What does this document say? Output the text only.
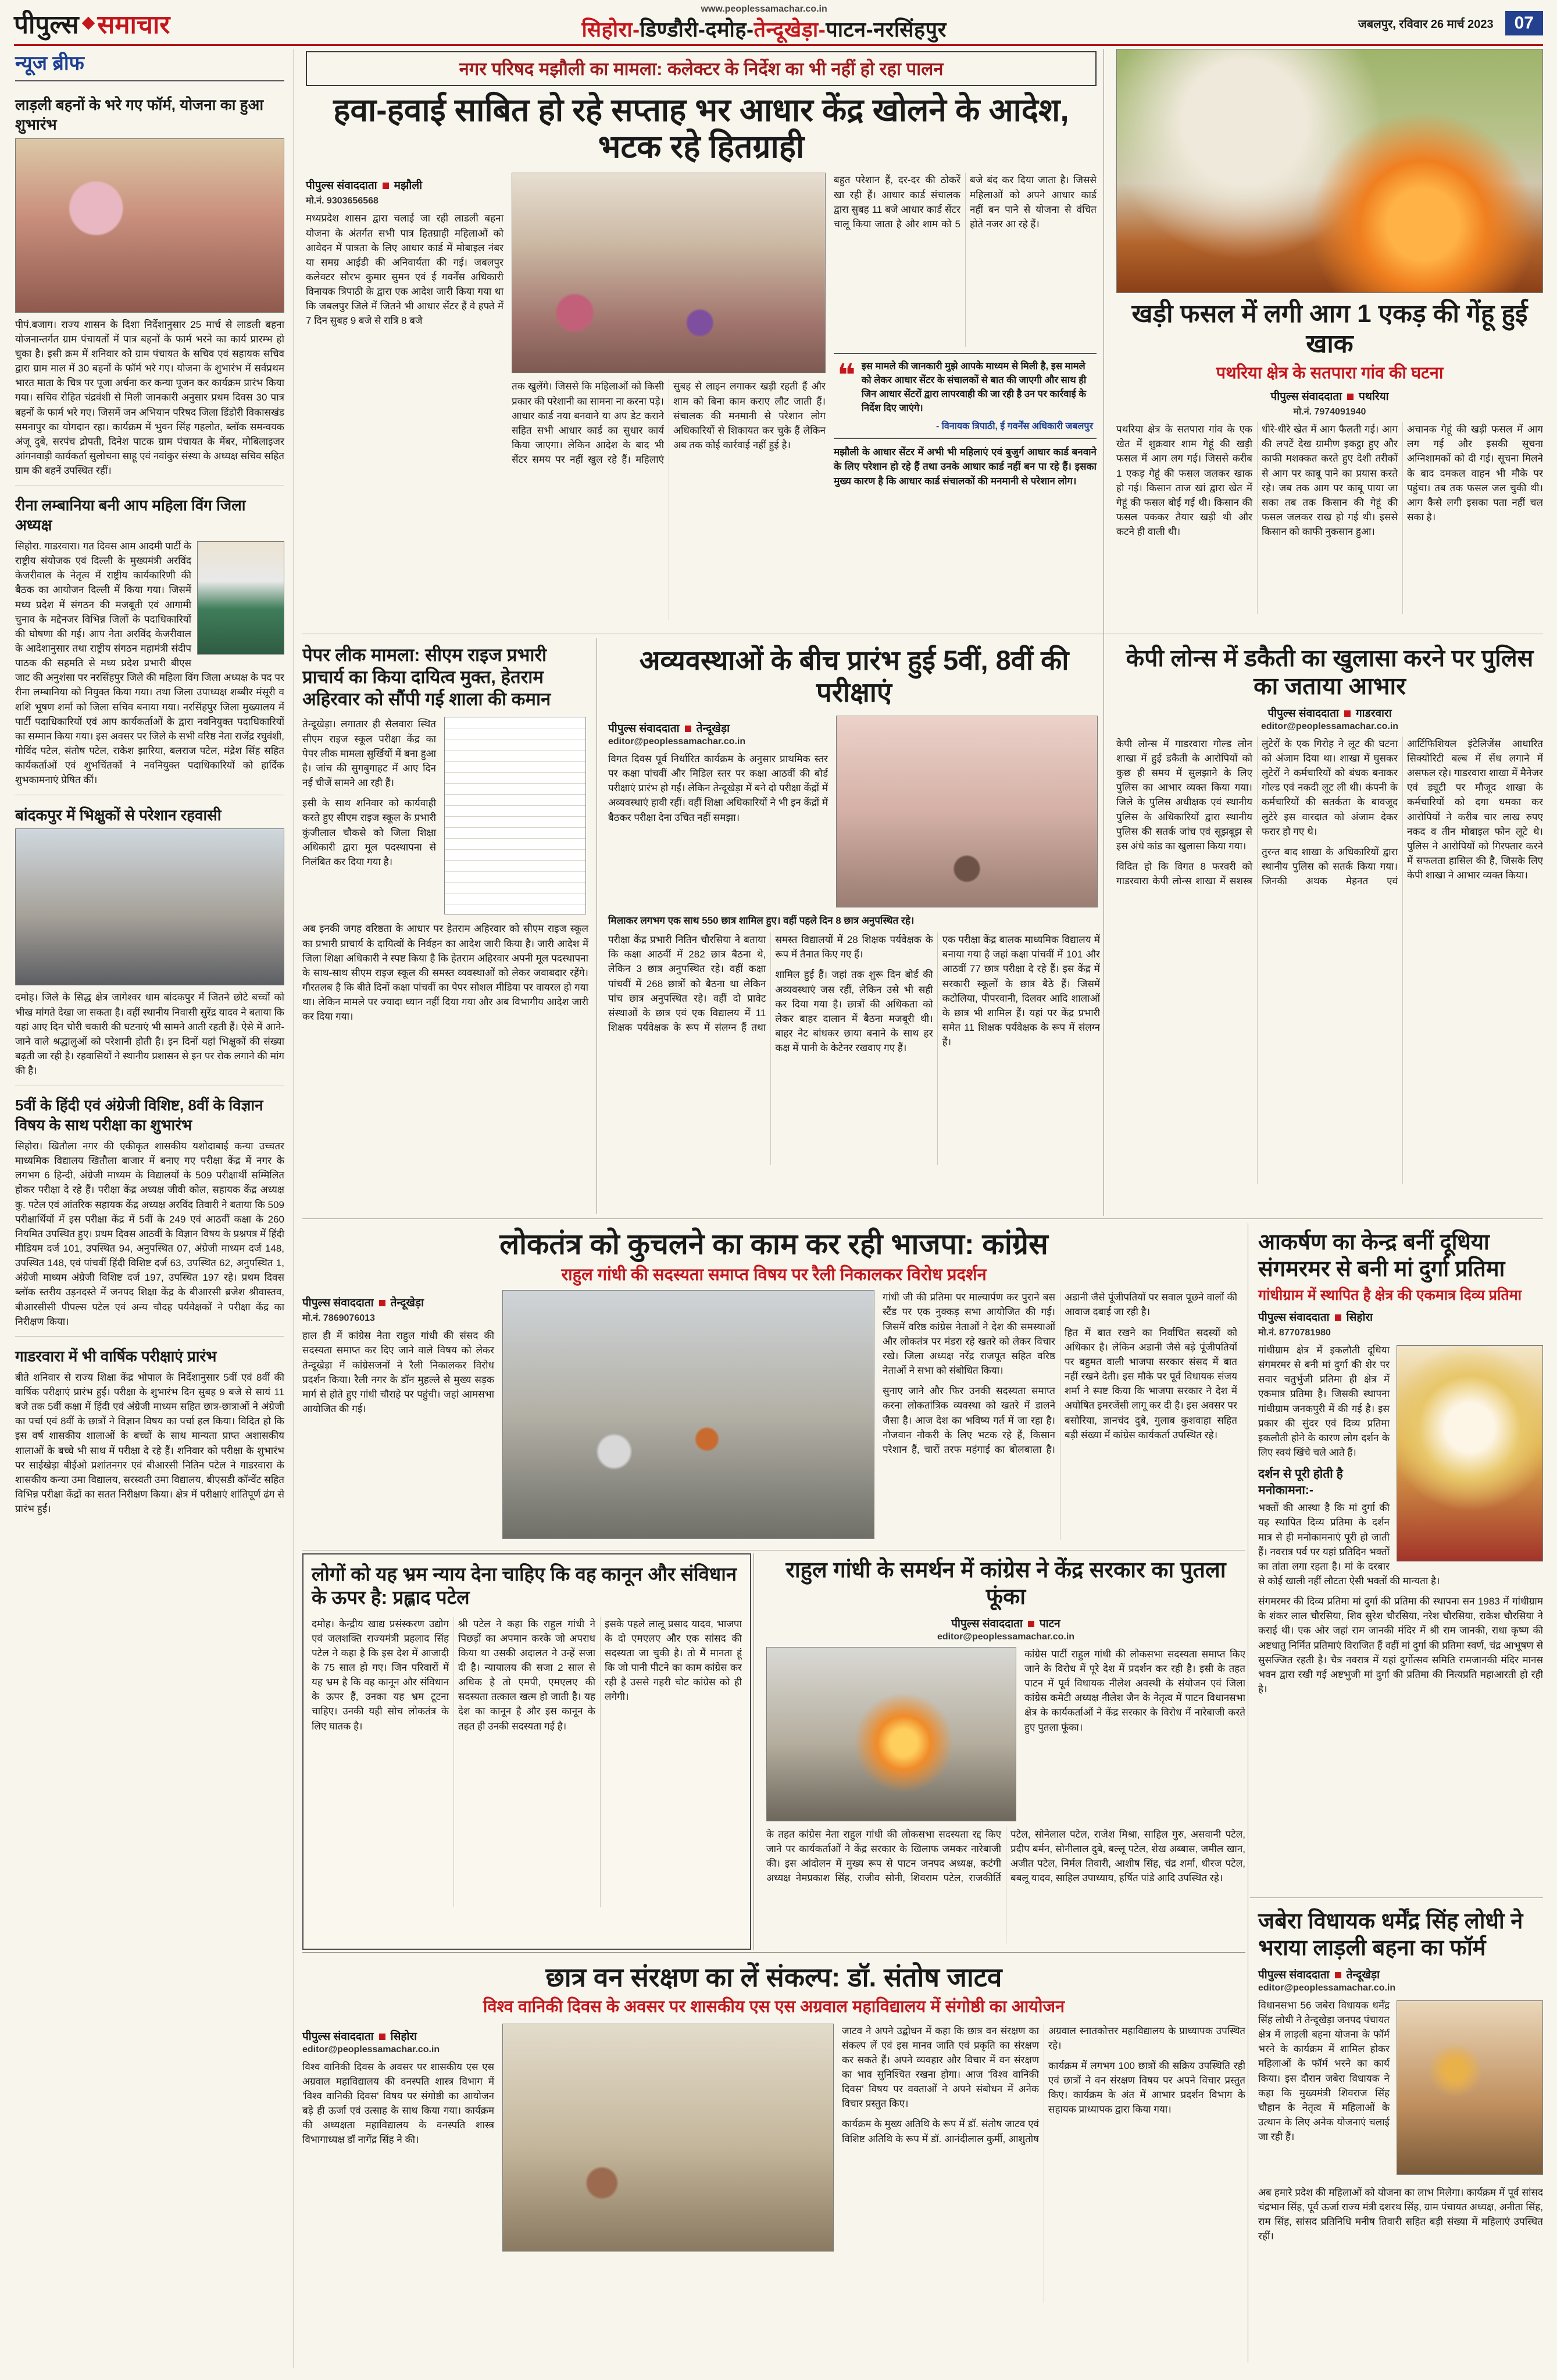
पीपुल्स समाचार
www.peoplessamachar.co.in
सिहोरा-डिण्डौरी-दमोह-तेन्दूखेड़ा-पाटन-नरसिंहपुर	जबलपुर, रविवार 26 मार्च 2023	07
न्यूज ब्रीफ
लाड़ली बहनों के भरे गए फॉर्म, योजना का हुआ शुभारंभ

पीपं.बजाग। राज्य शासन के दिशा निर्देशानुसार 25 मार्च से लाडली बहना योजनान्तर्गत ग्राम पंचायतों में पात्र बहनों के फार्म भरने का कार्य प्रारम्भ हो चुका है। इसी क्रम में शनिवार को ग्राम पंचायत के सचिव एवं सहायक सचिव द्वारा ग्राम माल में 30 बहनों के फॉर्म भरे गए। योजना के शुभारंभ में सर्वप्रथम भारत माता के चित्र पर पूजा अर्चना कर कन्या पूजन कर कार्यक्रम प्रारंभ किया गया। सचिव रोहित चंद्रवंशी से मिली जानकारी अनुसार प्रथम दिवस 30 पात्र बहनों के फार्म भरे गए। जिसमें जन अभियान परिषद जिला डिंडोरी विकासखंड समनापुर का योगदान रहा। कार्यक्रम में भुवन सिंह गहलोत, ब्लॉक समन्वयक अंजू दुबे, सरपंच द्रोपती, दिनेश पाटक ग्राम पंचायत के मेंबर, मोबिलाइजर आंगनवाड़ी कार्यकर्ता सुलोचना साहू एवं नवांकुर संस्था के अध्यक्ष सचिव सहित ग्राम की बहनें उपस्थित रहीं।

रीना लम्बानिया बनी आप महिला विंग जिला अध्यक्ष

सिहोरा. गाडरवारा। गत दिवस आम आदमी पार्टी के राष्ट्रीय संयोजक एवं दिल्ली के मुख्यमंत्री अरविंद केजरीवाल के नेतृत्व में राष्ट्रीय कार्यकारिणी की बैठक का आयोजन दिल्ली में किया गया। जिसमें मध्य प्रदेश में संगठन की मजबूती एवं आगामी चुनाव के मद्देनजर विभिन्न जिलों के पदाधिकारियों की घोषणा की गई। आप नेता अरविंद केजरीवाल के आदेशानुसार तथा राष्ट्रीय संगठन महामंत्री संदीप पाठक की सहमति से मध्य प्रदेश प्रभारी बीएस जाट की अनुशंसा पर नरसिंहपुर जिले की महिला विंग जिला अध्यक्ष के पद पर रीना लम्बानिया को नियुक्त किया गया। तथा जिला उपाध्यक्ष शब्बीर मंसूरी व शशि भूषण शर्मा को जिला सचिव बनाया गया। नरसिंहपुर जिला मुख्यालय में पार्टी पदाधिकारियों एवं आप कार्यकर्ताओं के द्वारा नवनियुक्त पदाधिकारियों का सम्मान किया गया। इस अवसर पर जिले के सभी वरिष्ठ नेता राजेंद्र रघुवंशी, गोविंद पटेल, संतोष पटेल, राकेश झारिया, बलराज पटेल, मंद्रेश सिंह सहित कार्यकर्ताओं एवं शुभचिंतकों ने नवनियुक्त पदाधिकारियों को हार्दिक शुभकामनाएं प्रेषित कीं।

बांदकपुर में भिक्षुकों से परेशान रहवासी

दमोह। जिले के सिद्ध क्षेत्र जागेश्वर धाम बांदकपुर में जितने छोटे बच्चों को भीख मांगते देखा जा सकता है। वहीं स्थानीय निवासी सुरेंद्र यादव ने बताया कि यहां आए दिन चोरी चकारी की घटनाएं भी सामने आती रहती हैं। ऐसे में आने-जाने वाले श्रद्धालुओं को परेशानी होती है। इन दिनों यहां भिक्षुकों की संख्या बढ़ती जा रही है। रहवासियों ने स्थानीय प्रशासन से इन पर रोक लगाने की मांग की है।

5वीं के हिंदी एवं अंग्रेजी विशिष्ट, 8वीं के विज्ञान विषय के साथ परीक्षा का शुभारंभ

सिहोरा। खितौला नगर की एकीकृत शासकीय यशोदाबाई कन्या उच्चतर माध्यमिक विद्यालय खितौला बाजार में बनाए गए परीक्षा केंद्र में नगर के लगभग 6 हिन्दी, अंग्रेजी माध्यम के विद्यालयों के 509 परीक्षार्थी सम्मिलित होकर परीक्षा दे रहे हैं। परीक्षा केंद्र अध्यक्ष जीवी कोल, सहायक केंद्र अध्यक्ष कु. पटेल एवं आंतरिक सहायक केंद्र अध्यक्ष अरविंद तिवारी ने बताया कि 509 परीक्षार्थियों में इस परीक्षा केंद्र में 5वीं के 249 एवं आठवीं कक्षा के 260 नियमित उपस्थित हुए। प्रथम दिवस आठवीं के विज्ञान विषय के प्रश्नपत्र में हिंदी मीडियम दर्ज 101, उपस्थित 94, अनुपस्थित 07, अंग्रेजी माध्यम दर्ज 148, उपस्थित 148, एवं पांचवीं हिंदी विशिष्ट दर्ज 63, उपस्थित 62, अनुपस्थित 1, अंग्रेजी माध्यम अंग्रेजी विशिष्ट दर्ज 197, उपस्थित 197 रहे। प्रथम दिवस ब्लॉक स्तरीय उड़नदस्ते में जनपद शिक्षा केंद्र के बीआरसी ब्रजेश श्रीवास्तव, बीआरसीसी पीपल्स पटेल एवं अन्य चौदह पर्यवेक्षकों ने परीक्षा केंद्र का निरीक्षण किया।

गाडरवारा में भी वार्षिक परीक्षाएं प्रारंभ

बीते शनिवार से राज्य शिक्षा केंद्र भोपाल के निर्देशानुसार 5वीं एवं 8वीं की वार्षिक परीक्षाएं प्रारंभ हुईं। परीक्षा के शुभारंभ दिन सुबह 9 बजे से सायं 11 बजे तक 5वीं कक्षा में हिंदी एवं अंग्रेजी माध्यम सहित छात्र-छात्राओं ने अंग्रेजी का पर्चा एवं 8वीं के छात्रों ने विज्ञान विषय का पर्चा हल किया। विदित हो कि इस वर्ष शासकीय शालाओं के बच्चों के साथ मान्यता प्राप्त अशासकीय शालाओं के बच्चे भी साथ में परीक्षा दे रहे हैं। शनिवार को परीक्षा के शुभारंभ पर साईखेड़ा बीईओ प्रशांतनगर एवं बीआरसी नितिन पटेल ने गाडरवारा के शासकीय कन्या उमा विद्यालय, सरस्वती उमा विद्यालय, बीएसडी कॉन्वेंट सहित विभिन्न परीक्षा केंद्रों का सतत निरीक्षण किया। क्षेत्र में परीक्षाएं शांतिपूर्ण ढंग से प्रारंभ हुईं।

नगर परिषद मझौली का मामला: कलेक्टर के निर्देश का भी नहीं हो रहा पालन
हवा-हवाई साबित हो रहे सप्ताह भर आधार केंद्र खोलने के आदेश, भटक रहे हितग्राही
पीपुल्स संवाददाता मझौली
मो.नं. 9303656568

मध्यप्रदेश शासन द्वारा चलाई जा रही लाडली बहना योजना के अंतर्गत सभी पात्र हितग्राही महिलाओं को आवेदन में पात्रता के लिए आधार कार्ड में मोबाइल नंबर या समग्र आईडी की अनिवार्यता की गई। जबलपुर कलेक्टर सौरभ कुमार सुमन एवं ई गवर्नेंस अधिकारी विनायक त्रिपाठी के द्वारा एक आदेश जारी किया गया था कि जबलपुर जिले में जितने भी आधार सेंटर हैं वे हफ्ते में 7 दिन सुबह 9 बजे से रात्रि 8 बजे

तक खुलेंगे। जिससे कि महिलाओं को किसी प्रकार की परेशानी का सामना ना करना पड़े। आधार कार्ड नया बनवाने या अप डेट कराने सहित सभी आधार कार्ड का सुधार कार्य किया जाएगा। लेकिन आदेश के बाद भी सेंटर समय पर नहीं खुल रहे हैं। महिलाएं सुबह से लाइन लगाकर खड़ी रहती हैं और शाम को बिना काम कराए लौट जाती हैं। संचालक की मनमानी से परेशान लोग अधिकारियों से शिकायत कर चुके हैं लेकिन अब तक कोई कार्रवाई नहीं हुई है।

बहुत परेशान हैं, दर-दर की ठोकरें खा रही हैं। आधार कार्ड संचालक द्वारा सुबह 11 बजे आधार कार्ड सेंटर चालू किया जाता है और शाम को 5 बजे बंद कर दिया जाता है। जिससे महिलाओं को अपने आधार कार्ड नहीं बन पाने से योजना से वंचित होते नजर आ रहे हैं।

❝ इस मामले की जानकारी मुझे आपके माध्यम से मिली है, इस मामले को लेकर आधार सेंटर के संचालकों से बात की जाएगी और साथ ही जिन आधार सेंटरों द्वारा लापरवाही की जा रही है उन पर कार्रवाई के निर्देश दिए जाएंगे।
- विनायक त्रिपाठी, ई गवर्नेंस अधिकारी जबलपुर

मझौली के आधार सेंटर में अभी भी महिलाएं एवं बुजुर्ग आधार कार्ड बनवाने के लिए परेशान हो रहे हैं तथा उनके आधार कार्ड नहीं बन पा रहे हैं। इसका मुख्य कारण है कि आधार कार्ड संचालकों की मनमानी से परेशान लोग।

खड़ी फसल में लगी आग 1 एकड़ की गेंहू हुई खाक
पथरिया क्षेत्र के सतपारा गांव की घटना
पीपुल्स संवाददाता पथरिया
मो.नं. 7974091940

पथरिया क्षेत्र के सतपारा गांव के एक खेत में शुक्रवार शाम गेहूं की खड़ी फसल में आग लग गई। जिससे करीब 1 एकड़ गेहूं की फसल जलकर खाक हो गई। किसान ताज खां द्वारा खेत में गेहूं की फसल बोई गई थी। किसान की फसल पककर तैयार खड़ी थी और कटने ही वाली थी।

धीरे-धीरे खेत में आग फैलती गई। आग की लपटें देख ग्रामीण इकट्ठा हुए और काफी मशक्कत करते हुए देशी तरीकों से आग पर काबू पाने का प्रयास करते रहे। जब तक आग पर काबू पाया जा सका तब तक किसान की गेहूं की फसल जलकर राख हो गई थी। इससे किसान को काफी नुकसान हुआ।

अचानक गेहूं की खड़ी फसल में आग लग गई और इसकी सूचना अग्निशामकों को दी गई। सूचना मिलने के बाद दमकल वाहन भी मौके पर पहुंचा। तब तक फसल जल चुकी थी। आग कैसे लगी इसका पता नहीं चल सका है।

पेपर लीक मामला: सीएम राइज प्रभारी प्राचार्य का किया दायित्व मुक्त, हेतराम अहिरवार को सौंपी गई शाला की कमान

तेन्दूखेड़ा। लगातार ही सैलवारा स्थित सीएम राइज स्कूल परीक्षा केंद्र का पेपर लीक मामला सुर्खियों में बना हुआ है। जांच की सुगबुगाहट में आए दिन नई चीजें सामने आ रही हैं।

इसी के साथ शनिवार को कार्यवाही करते हुए सीएम राइज स्कूल के प्रभारी कुंजीलाल चौकसे को जिला शिक्षा अधिकारी द्वारा मूल पदस्थापना से निलंबित कर दिया गया है।

अब इनकी जगह वरिष्ठता के आधार पर हेतराम अहिरवार को सीएम राइज स्कूल का प्रभारी प्राचार्य के दायित्वों के निर्वहन का आदेश जारी किया है। जारी आदेश में जिला शिक्षा अधिकारी ने स्पष्ट किया है कि हेतराम अहिरवार अपनी मूल पदस्थापना के साथ-साथ सीएम राइज स्कूल की समस्त व्यवस्थाओं को लेकर जवाबदार रहेंगे। गौरतलब है कि बीते दिनों कक्षा पांचवीं का पेपर सोशल मीडिया पर वायरल हो गया था। लेकिन मामले पर ज्यादा ध्यान नहीं दिया गया और अब विभागीय आदेश जारी कर दिया गया।

अव्यवस्थाओं के बीच प्रारंभ हुई 5वीं, 8वीं की परीक्षाएं
पीपुल्स संवाददाता तेन्दूखेड़ा
editor@peoplessamachar.co.in

विगत दिवस पूर्व निर्धारित कार्यक्रम के अनुसार प्राथमिक स्तर पर कक्षा पांचवीं और मिडिल स्तर पर कक्षा आठवीं की बोर्ड परीक्षाएं प्रारंभ हो गईं। लेकिन तेन्दूखेड़ा में बने दो परीक्षा केंद्रों में अव्यवस्थाएं हावी रहीं। वहीं शिक्षा अधिकारियों ने भी इन केंद्रों में बैठकर परीक्षा देना उचित नहीं समझा।

मिलाकर लगभग एक साथ 550 छात्र शामिल हुए। वहीं पहले दिन 8 छात्र अनुपस्थित रहे।

परीक्षा केंद्र प्रभारी नितिन चौरसिया ने बताया कि कक्षा आठवीं में 282 छात्र बैठना थे, लेकिन 3 छात्र अनुपस्थित रहे। वहीं कक्षा पांचवीं में 268 छात्रों को बैठना था लेकिन पांच छात्र अनुपस्थित रहे। वहीं दो प्रावेट संस्थाओं के छात्र एवं एक विद्यालय में 11 शिक्षक पर्यवेक्षक के रूप में संलग्न हैं तथा समस्त विद्यालयों में 28 शिक्षक पर्यवेक्षक के रूप में तैनात किए गए हैं।

शामिल हुई हैं। जहां तक शुरू दिन बोर्ड की अव्यवस्थाएं जस रहीं, लेकिन उसे भी सही कर दिया गया है। छात्रों की अधिकता को लेकर बाहर दालान में बैठना मजबूरी थी। बाहर नेट बांधकर छाया बनाने के साथ हर कक्ष में पानी के केटेनर रखवाए गए हैं।

एक परीक्षा केंद्र बालक माध्यमिक विद्यालय में बनाया गया है जहां कक्षा पांचवीं में 101 और आठवीं 77 छात्र परीक्षा दे रहे हैं। इस केंद्र में सरकारी स्कूलों के छात्र बैठे हैं। जिसमें कटोलिया, पीपरवानी, दिलवर आदि शालाओं के छात्र भी शामिल हैं। यहां पर केंद्र प्रभारी समेत 11 शिक्षक पर्यवेक्षक के रूप में संलग्न हैं।

केपी लोन्स में डकैती का खुलासा करने पर पुलिस का जताया आभार
पीपुल्स संवाददाता गाडरवारा
editor@peoplessamachar.co.in

केपी लोन्स में गाडरवारा गोल्ड लोन शाखा में हुई डकैती के आरोपियों को कुछ ही समय में सुलझाने के लिए पुलिस का आभार व्यक्त किया गया। जिले के पुलिस अधीक्षक एवं स्थानीय पुलिस के अधिकारियों द्वारा स्थानीय पुलिस की सतर्क जांच एवं सूझबूझ से इस अंधे कांड का खुलासा किया गया।

विदित हो कि विगत 8 फरवरी को गाडरवारा केपी लोन्स शाखा में सशस्त्र लुटेरों के एक गिरोह ने लूट की घटना को अंजाम दिया था। शाखा में घुसकर लुटेरों ने कर्मचारियों को बंधक बनाकर गोल्ड एवं नकदी लूट ली थी। कंपनी के कर्मचारियों की सतर्कता के बावजूद लुटेरे इस वारदात को अंजाम देकर फरार हो गए थे।

तुरन्त बाद शाखा के अधिकारियों द्वारा स्थानीय पुलिस को सतर्क किया गया। जिनकी अथक मेहनत एवं आर्टिफिशियल इंटेलिजेंस आधारित सिक्योरिटी बल्ब में सेंध लगाने में असफल रहे। गाडरवारा शाखा में मैनेजर एवं ड्यूटी पर मौजूद शाखा के कर्मचारियों को दगा धमका कर आरोपियों ने करीब चार लाख रुपए नकद व तीन मोबाइल फोन लूटे थे। पुलिस ने आरोपियों को गिरफ्तार करने में सफलता हासिल की है, जिसके लिए केपी शाखा ने आभार व्यक्त किया।

लोकतंत्र को कुचलने का काम कर रही भाजपा: कांग्रेस
राहुल गांधी की सदस्यता समाप्त विषय पर रैली निकालकर विरोध प्रदर्शन
पीपुल्स संवाददाता तेन्दूखेड़ा
मो.नं. 7869076013

हाल ही में कांग्रेस नेता राहुल गांधी की संसद की सदस्यता समाप्त कर दिए जाने वाले विषय को लेकर तेन्दूखेड़ा में कांग्रेसजनों ने रैली निकालकर विरोध प्रदर्शन किया। रैली नगर के डॉन मुहल्ले से मुख्य सड़क मार्ग से होते हुए गांधी चौराहे पर पहुंची। जहां आमसभा आयोजित की गई।

गांधी जी की प्रतिमा पर माल्यार्पण कर पुराने बस स्टैंड पर एक नुक्कड़ सभा आयोजित की गई। जिसमें वरिष्ठ कांग्रेस नेताओं ने देश की समस्याओं और लोकतंत्र पर मंडरा रहे खतरे को लेकर विचार रखे। जिला अध्यक्ष नरेंद्र राजपूत सहित वरिष्ठ नेताओं ने सभा को संबोधित किया।

सुनाए जाने और फिर उनकी सदस्यता समाप्त करना लोकतांत्रिक व्यवस्था को खतरे में डालने जैसा है। आज देश का भविष्य गर्त में जा रहा है। नौजवान नौकरी के लिए भटक रहे हैं, किसान परेशान हैं, चारों तरफ महंगाई का बोलबाला है। अडानी जैसे पूंजीपतियों पर सवाल पूछने वालों की आवाज दबाई जा रही है।

हित में बात रखने का निर्वाचित सदस्यों को अधिकार है। लेकिन अडानी जैसे बड़े पूंजीपतियों पर बहुमत वाली भाजपा सरकार संसद में बात नहीं रखने देती। इस मौके पर पूर्व विधायक संजय शर्मा ने स्पष्ट किया कि भाजपा सरकार ने देश में अघोषित इमरजेंसी लागू कर दी है। इस अवसर पर बसोरिया, ज्ञानचंद दुबे, गुलाब कुशवाहा सहित बड़ी संख्या में कांग्रेस कार्यकर्ता उपस्थित रहे।

आकर्षण का केन्द्र बनीं दूधिया संगमरमर से बनी मां दुर्गा प्रतिमा
गांधीग्राम में स्थापित है क्षेत्र की एकमात्र दिव्य प्रतिमा
पीपुल्स संवाददाता सिहोरा
मो.नं. 8770781980

गांधीग्राम क्षेत्र में इकलौती दूधिया संगमरमर से बनी मां दुर्गा की शेर पर सवार चतुर्भुजी प्रतिमा ही क्षेत्र में एकमात्र प्रतिमा है। जिसकी स्थापना गांधीग्राम जनकपुरी में की गई है। इस प्रकार की सुंदर एवं दिव्य प्रतिमा इकलौती होने के कारण लोग दर्शन के लिए स्वयं खिंचे चले आते हैं।

दर्शन से पूरी होती है मनोकामना:-

भक्तों की आस्था है कि मां दुर्गा की यह स्थापित दिव्य प्रतिमा के दर्शन मात्र से ही मनोकामनाएं पूरी हो जाती हैं। नवरात्र पर्व पर यहां प्रतिदिन भक्तों का तांता लगा रहता है। मां के दरबार से कोई खाली नहीं लौटता ऐसी भक्तों की मान्यता है।

संगमरमर की दिव्य प्रतिमा मां दुर्गा की प्रतिमा की स्थापना सन 1983 में गांधीग्राम के शंकर लाल चौरसिया, शिव सुरेश चौरसिया, नरेश चौरसिया, राकेश चौरसिया ने कराई थी। एक ओर जहां राम जानकी मंदिर में श्री राम जानकी, राधा कृष्ण की अष्टधातु निर्मित प्रतिमाएं विराजित हैं वहीं मां दुर्गा की प्रतिमा स्वर्ण, चंद्र आभूषण से सुसज्जित रहती है। चैत्र नवरात्र में यहां दुर्गोत्सव समिति रामजानकी मंदिर मानस भवन द्वारा रखी गई अष्टभुजी मां दुर्गा की प्रतिमा की नित्यप्रति महाआरती हो रही है।

लोगों को यह भ्रम न्याय देना चाहिए कि वह कानून और संविधान के ऊपर है: प्रह्लाद पटेल

दमोह। केन्द्रीय खाद्य प्रसंस्करण उद्योग एवं जलशक्ति राज्यमंत्री प्रहलाद सिंह पटेल ने कहा है कि इस देश में आजादी के 75 साल हो गए। जिन परिवारों में यह भ्रम है कि वह कानून और संविधान के ऊपर हैं, उनका यह भ्रम टूटना चाहिए। उनकी यही सोच लोकतंत्र के लिए घातक है।

श्री पटेल ने कहा कि राहुल गांधी ने पिछड़ों का अपमान करके जो अपराध किया था उसकी अदालत ने उन्हें सजा दी है। न्यायालय की सजा 2 साल से अधिक है तो एमपी, एमएलए की सदस्यता तत्काल खत्म हो जाती है। यह देश का कानून है और इस कानून के तहत ही उनकी सदस्यता गई है।

इसके पहले लालू प्रसाद यादव, भाजपा के दो एमएलए और एक सांसद की सदस्यता जा चुकी है। तो मैं मानता हूं कि जो पानी पीटने का काम कांग्रेस कर रही है उससे गहरी चोट कांग्रेस को ही लगेगी।

राहुल गांधी के समर्थन में कांग्रेस ने केंद्र सरकार का पुतला फूंका
पीपुल्स संवाददाता पाटन
editor@peoplessamachar.co.in

कांग्रेस पार्टी राहुल गांधी की लोकसभा सदस्यता समाप्त किए जाने के विरोध में पूरे देश में प्रदर्शन कर रही है। इसी के तहत पाटन में पूर्व विधायक नीलेश अवस्थी के संयोजन एवं जिला कांग्रेस कमेटी अध्यक्ष नीलेश जैन के नेतृत्व में पाटन विधानसभा क्षेत्र के कार्यकर्ताओं ने केंद्र सरकार के विरोध में नारेबाजी करते हुए पुतला फूंका।

के तहत कांग्रेस नेता राहुल गांधी की लोकसभा सदस्यता रद्द किए जाने पर कार्यकर्ताओं ने केंद्र सरकार के खिलाफ जमकर नारेबाजी की। इस आंदोलन में मुख्य रूप से पाटन जनपद अध्यक्ष, कटंगी अध्यक्ष नेमप्रकाश सिंह, राजीव सोनी, शिवराम पटेल, राजकीर्ति पटेल, सोनेलाल पटेल, राजेश मिश्रा, साहिल गुरु, असवानी पटेल, प्रदीप बर्मन, सोनीलाल दुबे, बल्लू पटेल, शेख अब्बास, जमील खान, अजीत पटेल, निर्मल तिवारी, आशीष सिंह, चंद्र शर्मा, धीरज पटेल, बबलू यादव, साहिल उपाध्याय, हर्षित पांडे आदि उपस्थित रहे।

छात्र वन संरक्षण का लें संकल्प: डॉ. संतोष जाटव
विश्व वानिकी दिवस के अवसर पर शासकीय एस एस अग्रवाल महाविद्यालय में संगोष्ठी का आयोजन
पीपुल्स संवाददाता सिहोरा
editor@peoplessamachar.co.in

विश्व वानिकी दिवस के अवसर पर शासकीय एस एस अग्रवाल महाविद्यालय की वनस्पति शास्त्र विभाग में 'विश्व वानिकी दिवस' विषय पर संगोष्ठी का आयोजन बड़े ही ऊर्जा एवं उत्साह के साथ किया गया। कार्यक्रम की अध्यक्षता महाविद्यालय के वनस्पति शास्त्र विभागाध्यक्ष डॉ नागेंद्र सिंह ने की।

जाटव ने अपने उद्बोधन में कहा कि छात्र वन संरक्षण का संकल्प लें एवं इस मानव जाति एवं प्रकृति का संरक्षण कर सकते हैं। अपने व्यवहार और विचार में वन संरक्षण का भाव सुनिश्चित रखना होगा। आज 'विश्व वानिकी दिवस' विषय पर वक्ताओं ने अपने संबोधन में अनेक विचार प्रस्तुत किए।

कार्यक्रम के मुख्य अतिथि के रूप में डॉ. संतोष जाटव एवं विशिष्ट अतिथि के रूप में डॉ. आनंदीलाल कुर्मी, आशुतोष अग्रवाल स्नातकोत्तर महाविद्यालय के प्राध्यापक उपस्थित रहे।

कार्यक्रम में लगभग 100 छात्रों की सक्रिय उपस्थिति रही एवं छात्रों ने वन संरक्षण विषय पर अपने विचार प्रस्तुत किए। कार्यक्रम के अंत में आभार प्रदर्शन विभाग के सहायक प्राध्यापक द्वारा किया गया।

जबेरा विधायक धर्मेंद्र सिंह लोधी ने भराया लाड़ली बहना का फॉर्म
पीपुल्स संवाददाता तेन्दूखेड़ा
editor@peoplessamachar.co.in

विधानसभा 56 जबेरा विधायक धर्मेंद्र सिंह लोधी ने तेन्दूखेड़ा जनपद पंचायत क्षेत्र में लाड़ली बहना योजना के फॉर्म भरने के कार्यक्रम में शामिल होकर महिलाओं के फॉर्म भरने का कार्य किया। इस दौरान जबेरा विधायक ने कहा कि मुख्यमंत्री शिवराज सिंह चौहान के नेतृत्व में महिलाओं के उत्थान के लिए अनेक योजनाएं चलाई जा रही हैं।

अब हमारे प्रदेश की महिलाओं को योजना का लाभ मिलेगा। कार्यक्रम में पूर्व सांसद चंद्रभान सिंह, पूर्व ऊर्जा राज्य मंत्री दशरथ सिंह, ग्राम पंचायत अध्यक्ष, अनीता सिंह, राम सिंह, सांसद प्रतिनिधि मनीष तिवारी सहित बड़ी संख्या में महिलाएं उपस्थित रहीं।
